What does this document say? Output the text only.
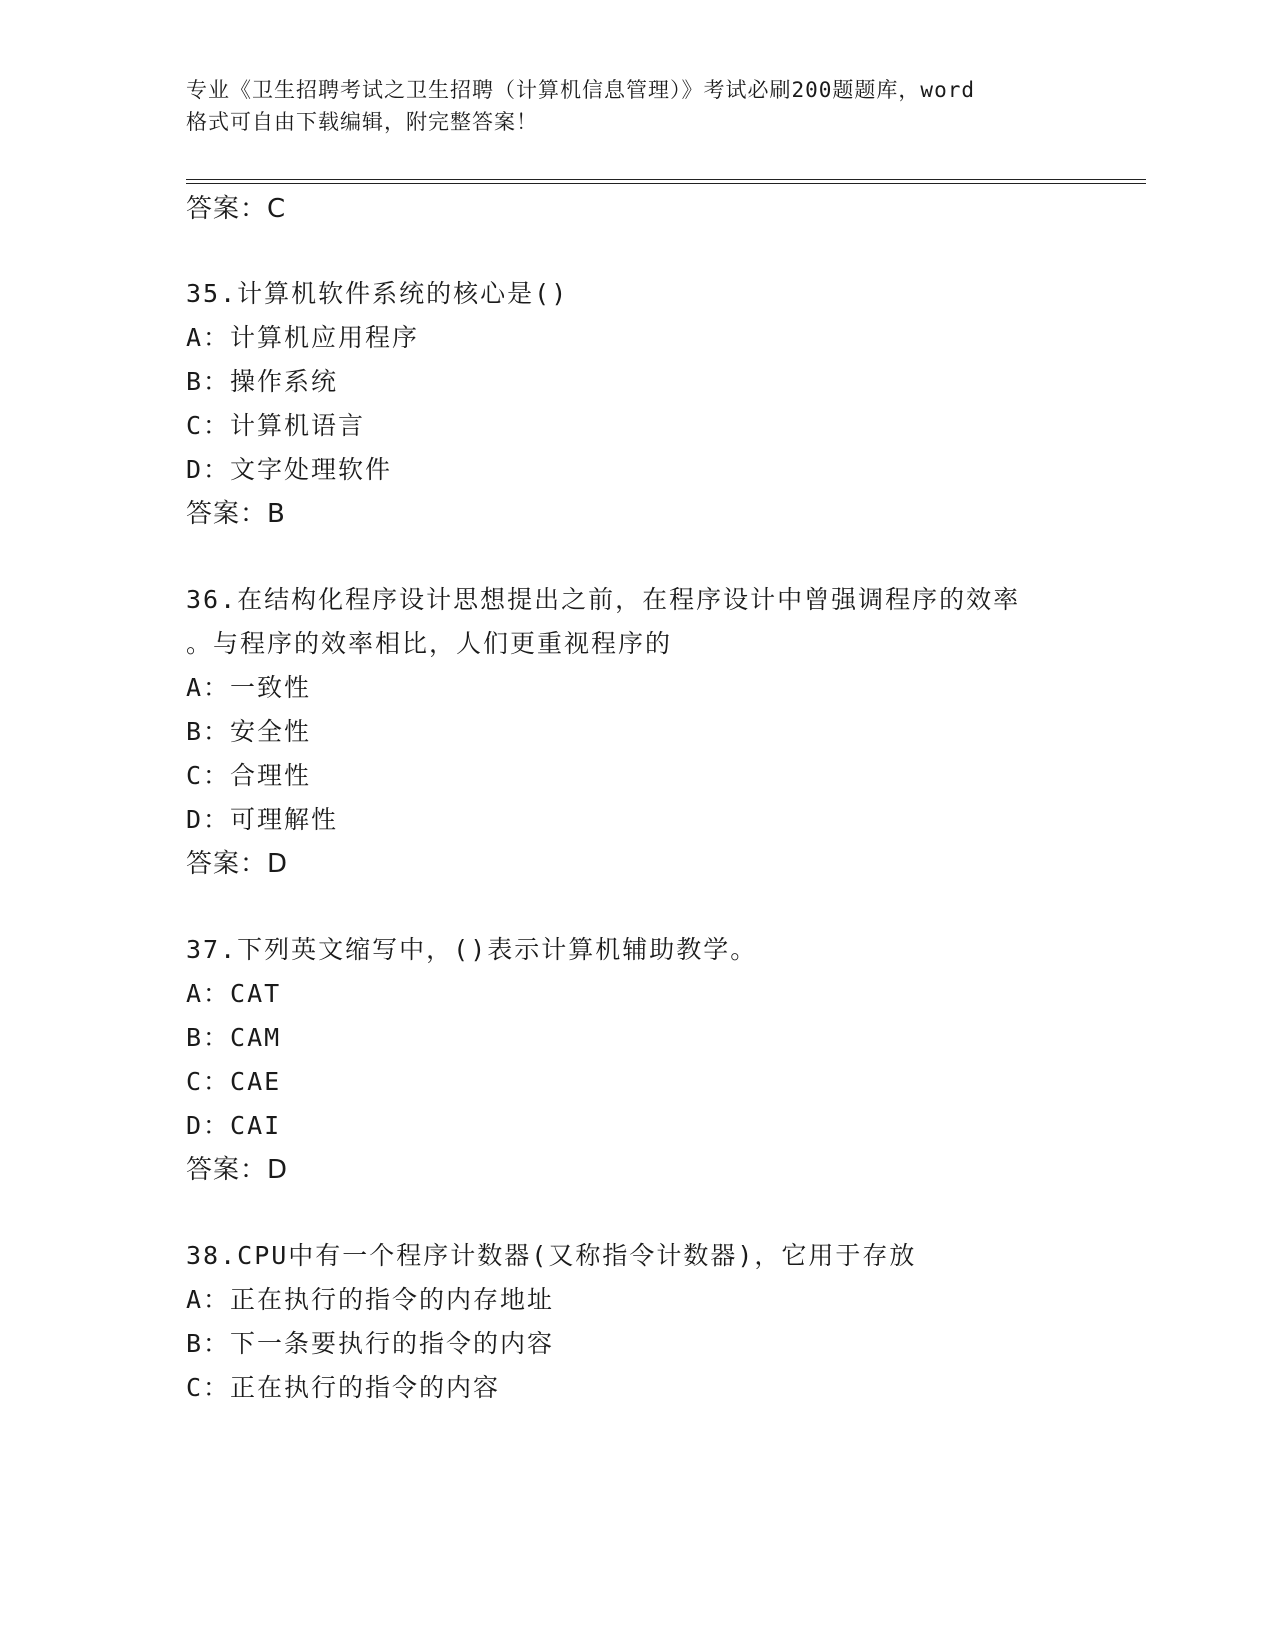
专业《卫生招聘考试之卫生招聘（计算机信息管理）》考试必刷200题题库，word
格式可自由下载编辑，附完整答案！
答案：C
35.计算机软件系统的核心是()
A：计算机应用程序
B：操作系统
C：计算机语言
D：文字处理软件
答案：B
36.在结构化程序设计思想提出之前，在程序设计中曾强调程序的效率
。与程序的效率相比，人们更重视程序的
A：一致性
B：安全性
C：合理性
D：可理解性
答案：D
37.下列英文缩写中，()表示计算机辅助教学。
A：CAT
B：CAM
C：CAE
D：CAI
答案：D
38.CPU中有一个程序计数器(又称指令计数器)，它用于存放
A：正在执行的指令的内存地址
B：下一条要执行的指令的内容
C：正在执行的指令的内容
